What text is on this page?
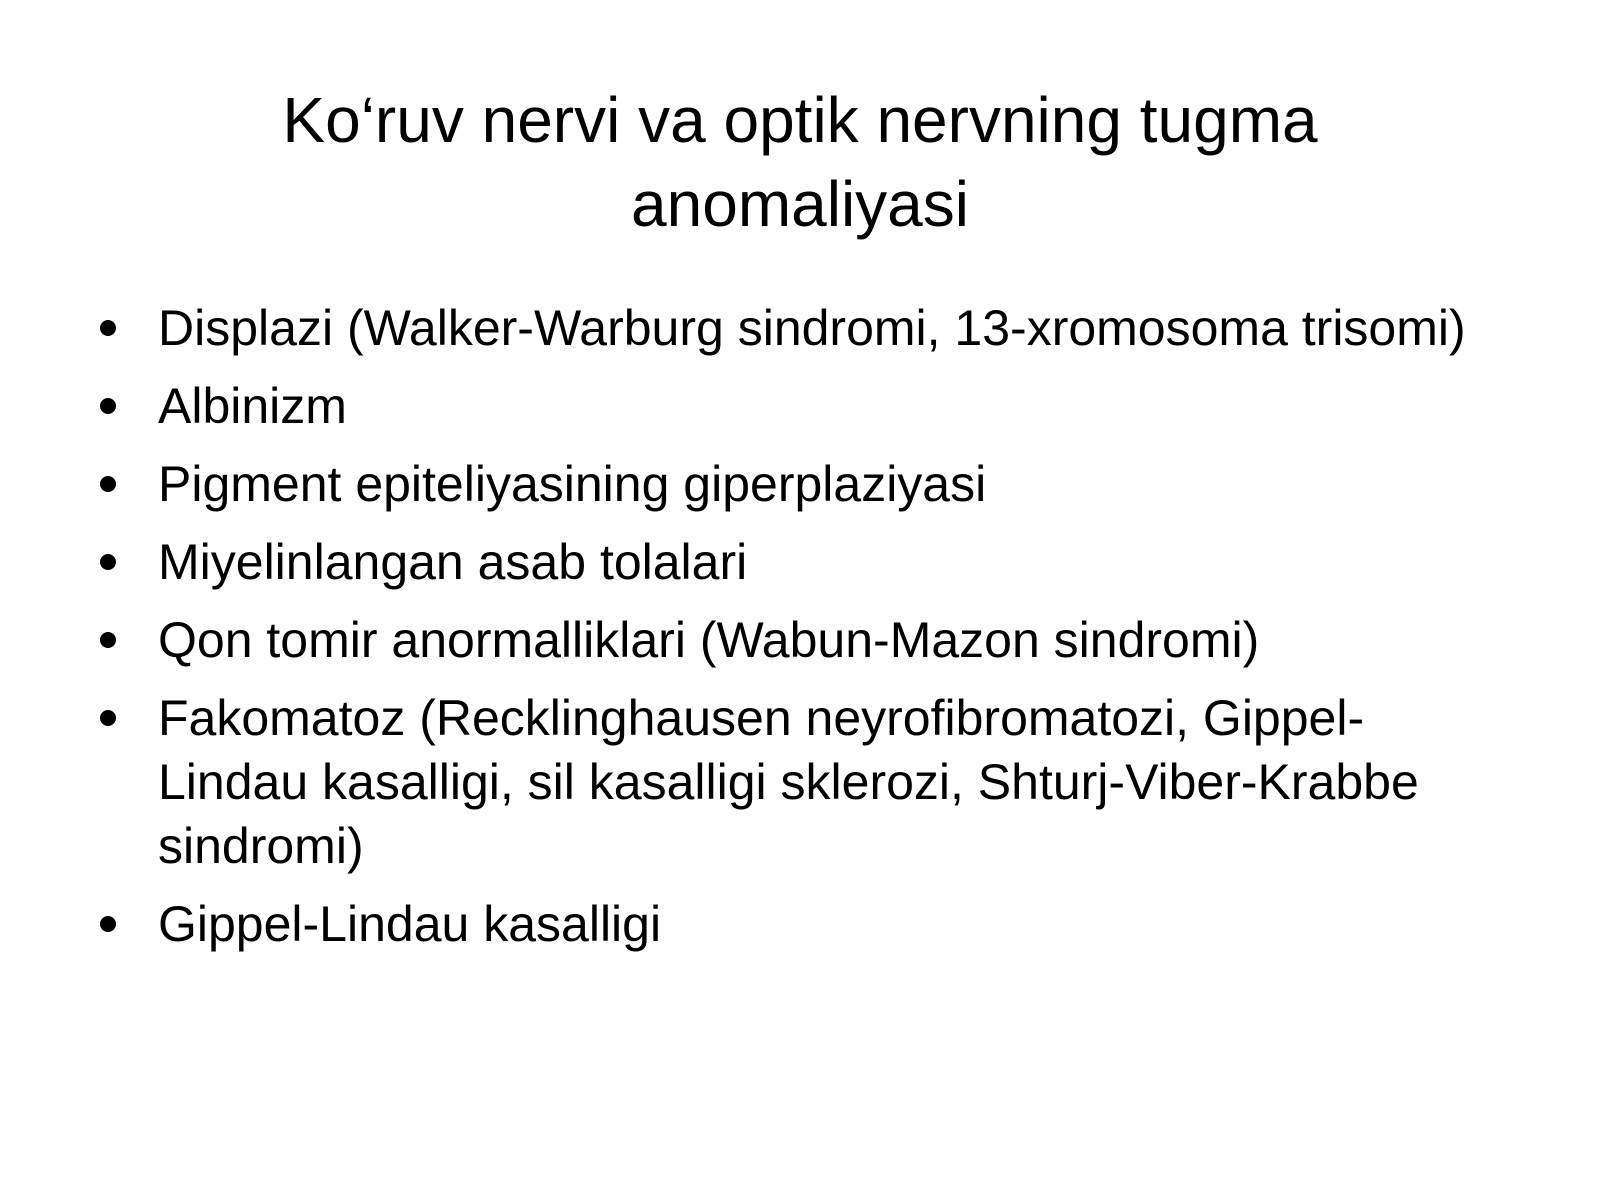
Ko‘ruv nervi va optik nervning tugma anomaliyasi
Displazi (Walker-Warburg sindromi, 13-xromosoma trisomi)
Albinizm
Pigment epiteliyasining giperplaziyasi
Miyelinlangan asab tolalari
Qon tomir anormalliklari (Wabun-Mazon sindromi)
Fakomatoz (Recklinghausen neyrofibromatozi, Gippel-Lindau kasalligi, sil kasalligi sklerozi, Shturj-Viber-Krabbe sindromi)
Gippel-Lindau kasalligi
